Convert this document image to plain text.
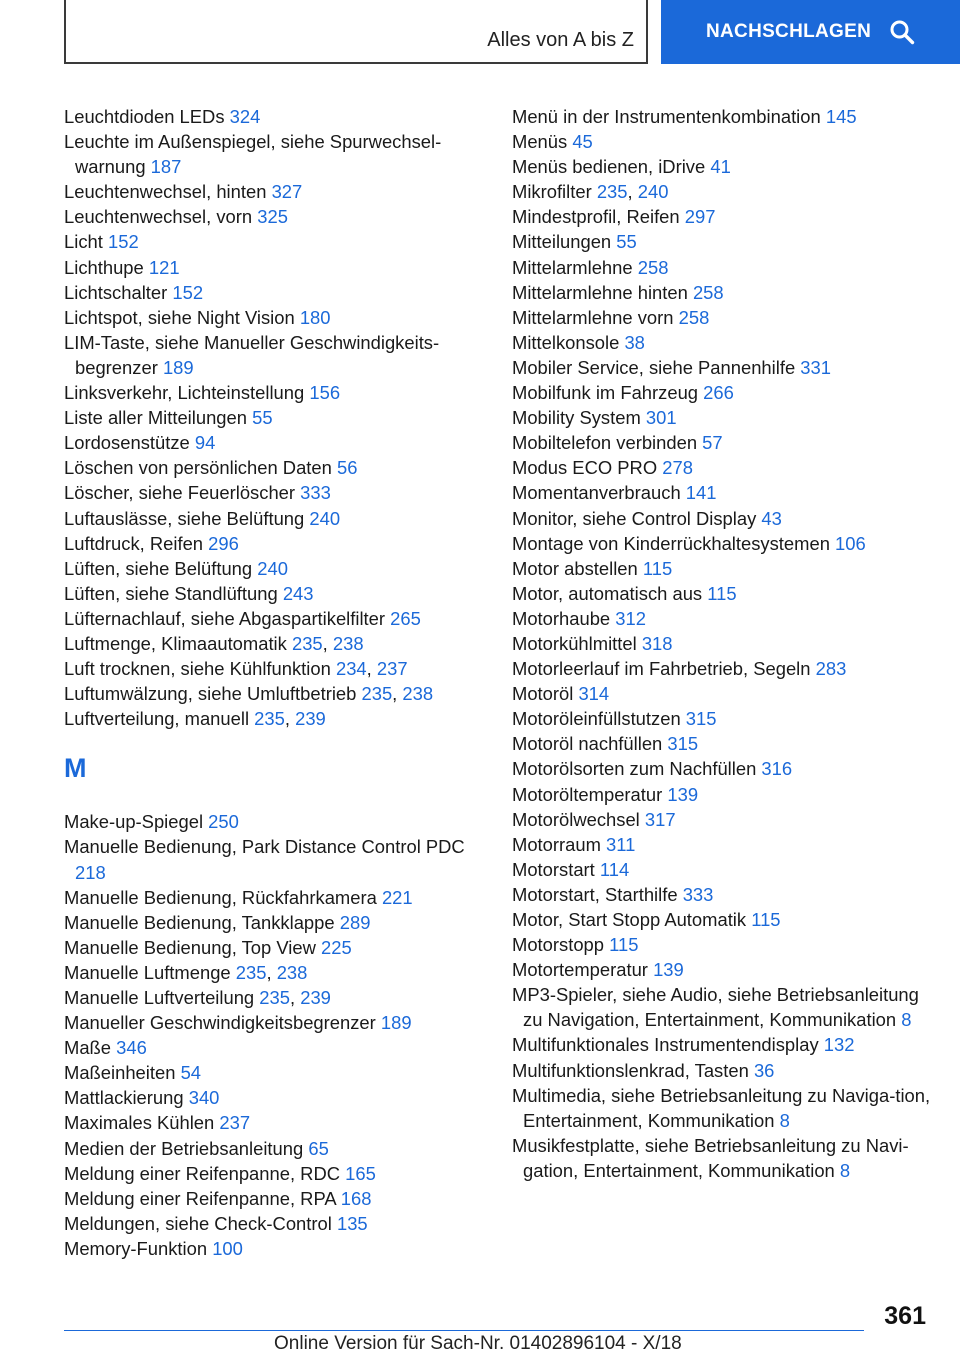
Alles von A bis Z	NACHSCHLAGEN
Leuchtdioden LEDs 324
Leuchte im Außenspiegel, siehe Spurwechsel-warnung 187
Leuchtenwechsel, hinten 327
Leuchtenwechsel, vorn 325
Licht 152
Lichthupe 121
Lichtschalter 152
Lichtspot, siehe Night Vision 180
LIM-Taste, siehe Manueller Geschwindigkeits-begrenzer 189
Linksverkehr, Lichteinstellung 156
Liste aller Mitteilungen 55
Lordosenstütze 94
Löschen von persönlichen Daten 56
Löscher, siehe Feuerlöscher 333
Luftauslässe, siehe Belüftung 240
Luftdruck, Reifen 296
Lüften, siehe Belüftung 240
Lüften, siehe Standlüftung 243
Lüfternachlauf, siehe Abgaspartikelfilter 265
Luftmenge, Klimaautomatik 235, 238
Luft trocknen, siehe Kühlfunktion 234, 237
Luftumwälzung, siehe Umluftbetrieb 235, 238
Luftverteilung, manuell 235, 239
M
Make-up-Spiegel 250
Manuelle Bedienung, Park Distance Control PDC 218
Manuelle Bedienung, Rückfahrkamera 221
Manuelle Bedienung, Tankklappe 289
Manuelle Bedienung, Top View 225
Manuelle Luftmenge 235, 238
Manuelle Luftverteilung 235, 239
Manueller Geschwindigkeitsbegrenzer 189
Maße 346
Maßeinheiten 54
Mattlackierung 340
Maximales Kühlen 237
Medien der Betriebsanleitung 65
Meldung einer Reifenpanne, RDC 165
Meldung einer Reifenpanne, RPA 168
Meldungen, siehe Check-Control 135
Memory-Funktion 100
Menü in der Instrumentenkombination 145
Menüs 45
Menüs bedienen, iDrive 41
Mikrofilter 235, 240
Mindestprofil, Reifen 297
Mitteilungen 55
Mittelarmlehne 258
Mittelarmlehne hinten 258
Mittelarmlehne vorn 258
Mittelkonsole 38
Mobiler Service, siehe Pannenhilfe 331
Mobilfunk im Fahrzeug 266
Mobility System 301
Mobiltelefon verbinden 57
Modus ECO PRO 278
Momentanverbrauch 141
Monitor, siehe Control Display 43
Montage von Kinderrückhaltesystemen 106
Motor abstellen 115
Motor, automatisch aus 115
Motorhaube 312
Motorkühlmittel 318
Motorleerlauf im Fahrbetrieb, Segeln 283
Motoröl 314
Motoröleinfüllstutzen 315
Motoröl nachfüllen 315
Motorölsorten zum Nachfüllen 316
Motoröltemperatur 139
Motorölwechsel 317
Motorraum 311
Motorstart 114
Motorstart, Starthilfe 333
Motor, Start Stopp Automatik 115
Motorstopp 115
Motortemperatur 139
MP3-Spieler, siehe Audio, siehe Betriebsanleitung zu Navigation, Entertainment, Kommunikation 8
Multifunktionales Instrumentendisplay 132
Multifunktionslenkrad, Tasten 36
Multimedia, siehe Betriebsanleitung zu Naviga-tion, Entertainment, Kommunikation 8
Musikfestplatte, siehe Betriebsanleitung zu Navi-gation, Entertainment, Kommunikation 8
361
Online Version für Sach-Nr. 01402896104 - X/18
